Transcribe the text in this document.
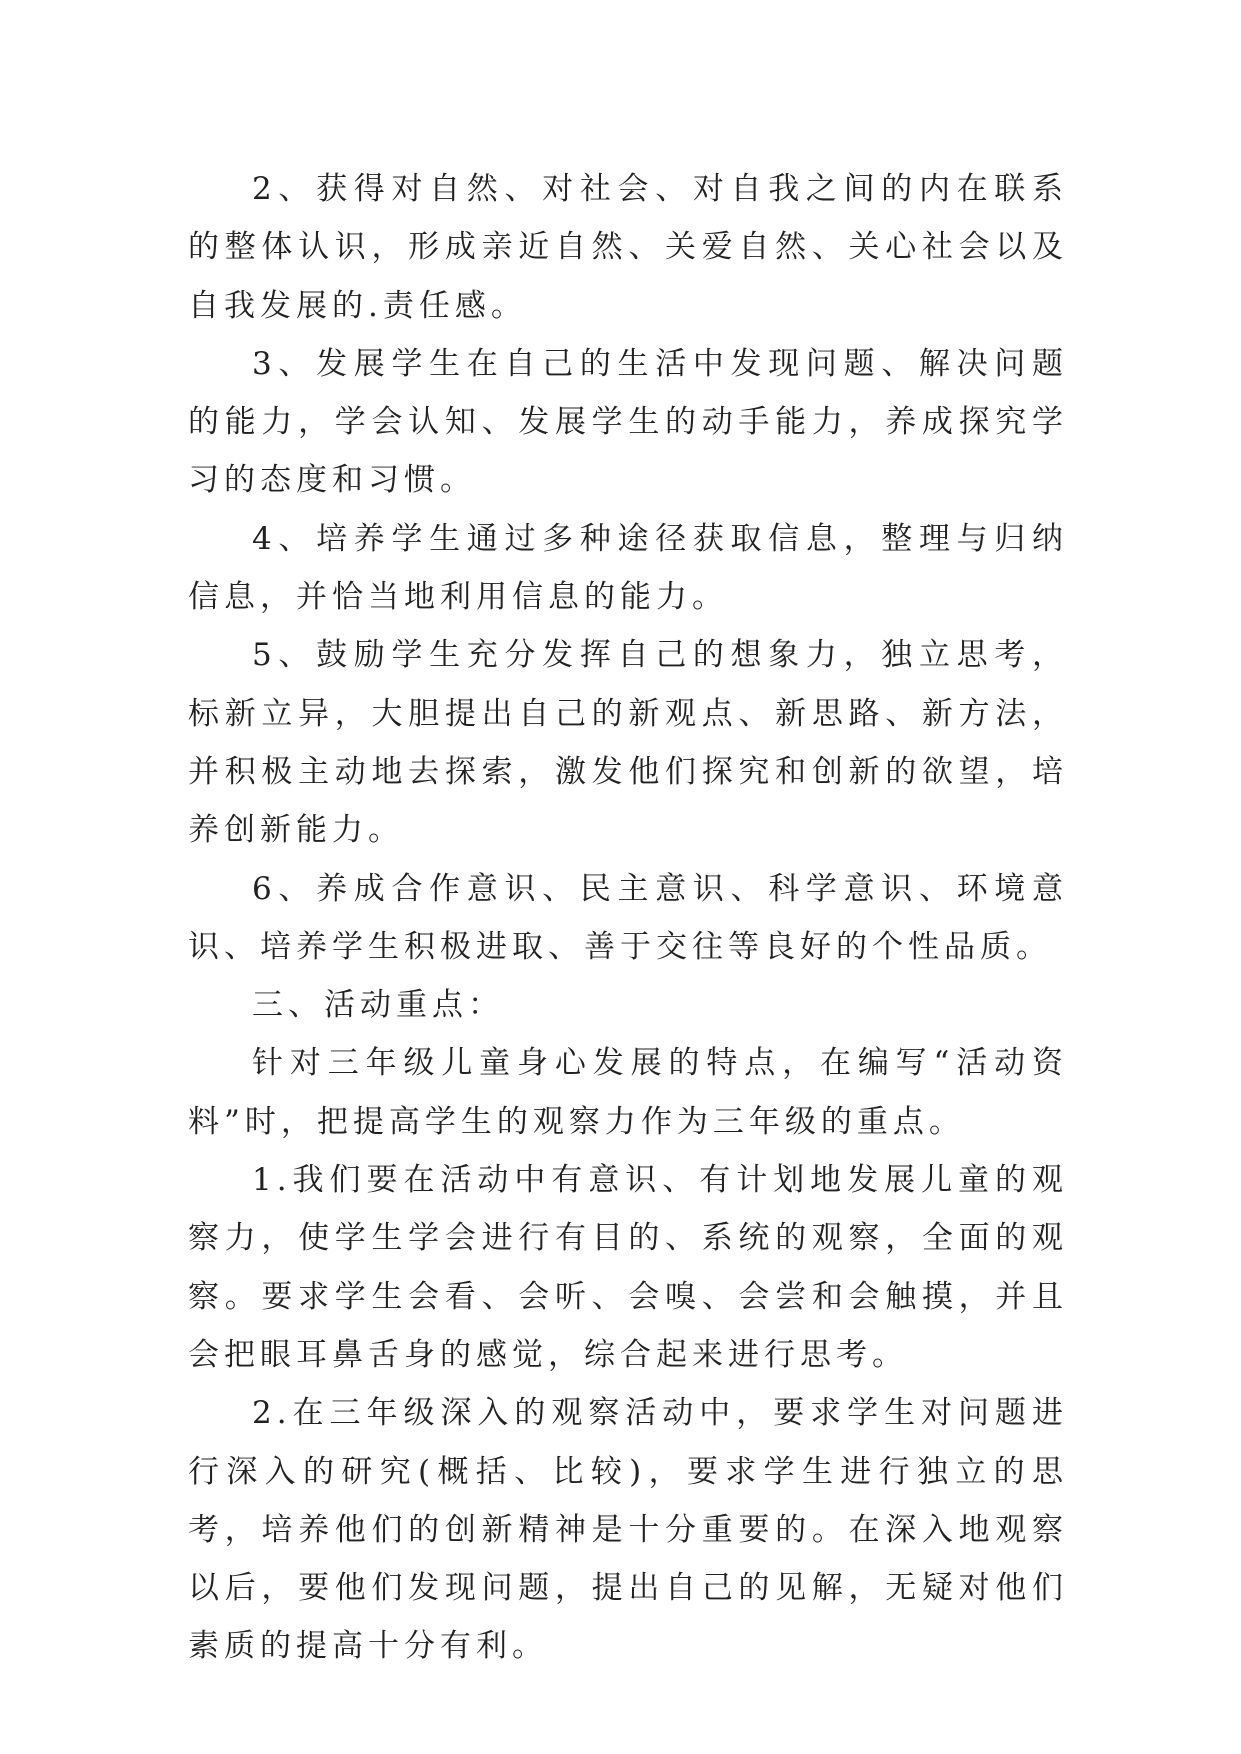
2、获得对自然、对社会、对自我之间的内在联系的整体认识，形成亲近自然、关爱自然、关心社会以及自我发展的.责任感。

3、发展学生在自己的生活中发现问题、解决问题的能力，学会认知、发展学生的动手能力，养成探究学习的态度和习惯。

4、培养学生通过多种途径获取信息，整理与归纳信息，并恰当地利用信息的能力。

5、鼓励学生充分发挥自己的想象力，独立思考，标新立异，大胆提出自己的新观点、新思路、新方法，并积极主动地去探索，激发他们探究和创新的欲望，培养创新能力。

6、养成合作意识、民主意识、科学意识、环境意识、培养学生积极进取、善于交往等良好的个性品质。

三、活动重点：

针对三年级儿童身心发展的特点，在编写“活动资料”时，把提高学生的观察力作为三年级的重点。

1.我们要在活动中有意识、有计划地发展儿童的观察力，使学生学会进行有目的、系统的观察，全面的观察。要求学生会看、会听、会嗅、会尝和会触摸，并且会把眼耳鼻舌身的感觉，综合起来进行思考。

2.在三年级深入的观察活动中，要求学生对问题进行深入的研究(概括、比较)，要求学生进行独立的思考，培养他们的创新精神是十分重要的。在深入地观察以后，要他们发现问题，提出自己的见解，无疑对他们素质的提高十分有利。
